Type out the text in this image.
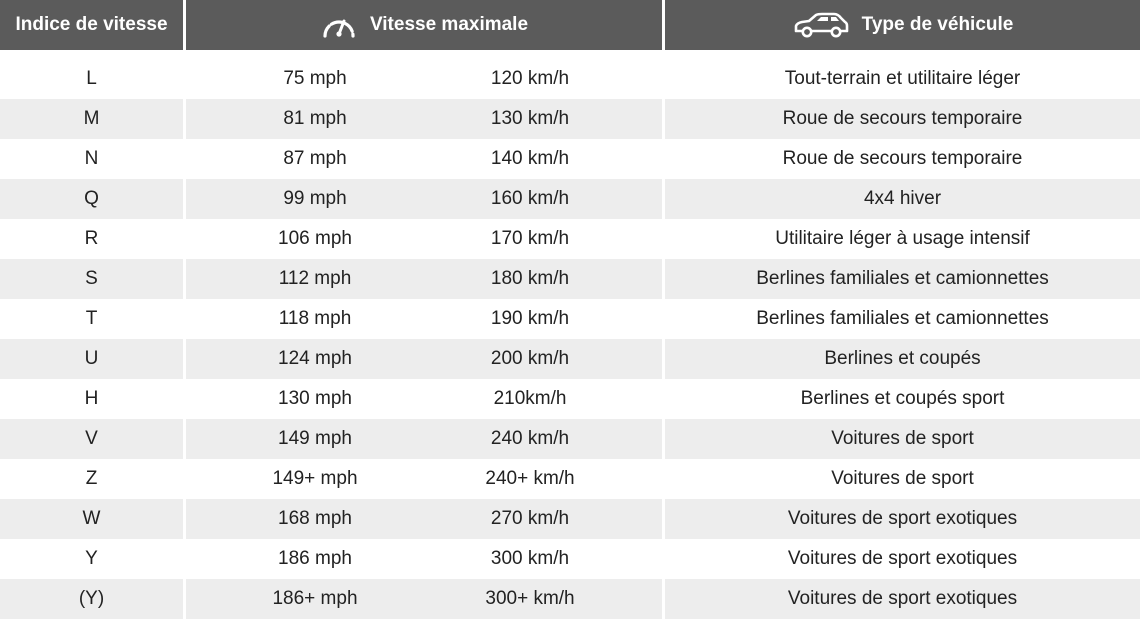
Indice de vitesse	Vitesse maximale	Type de véhicule
L	75 mph	120 km/h	Tout-terrain et utilitaire léger
M	81 mph	130 km/h	Roue de secours temporaire
N	87 mph	140 km/h	Roue de secours temporaire
Q	99 mph	160 km/h	4x4 hiver
R	106 mph	170 km/h	Utilitaire léger à usage intensif
S	112 mph	180 km/h	Berlines familiales et camionnettes
T	118 mph	190 km/h	Berlines familiales et camionnettes
U	124 mph	200 km/h	Berlines et coupés
H	130 mph	210km/h	Berlines et coupés sport
V	149 mph	240 km/h	Voitures de sport
Z	149+ mph	240+ km/h	Voitures de sport
W	168 mph	270 km/h	Voitures de sport exotiques
Y	186 mph	300 km/h	Voitures de sport exotiques
(Y)	186+ mph	300+ km/h	Voitures de sport exotiques
